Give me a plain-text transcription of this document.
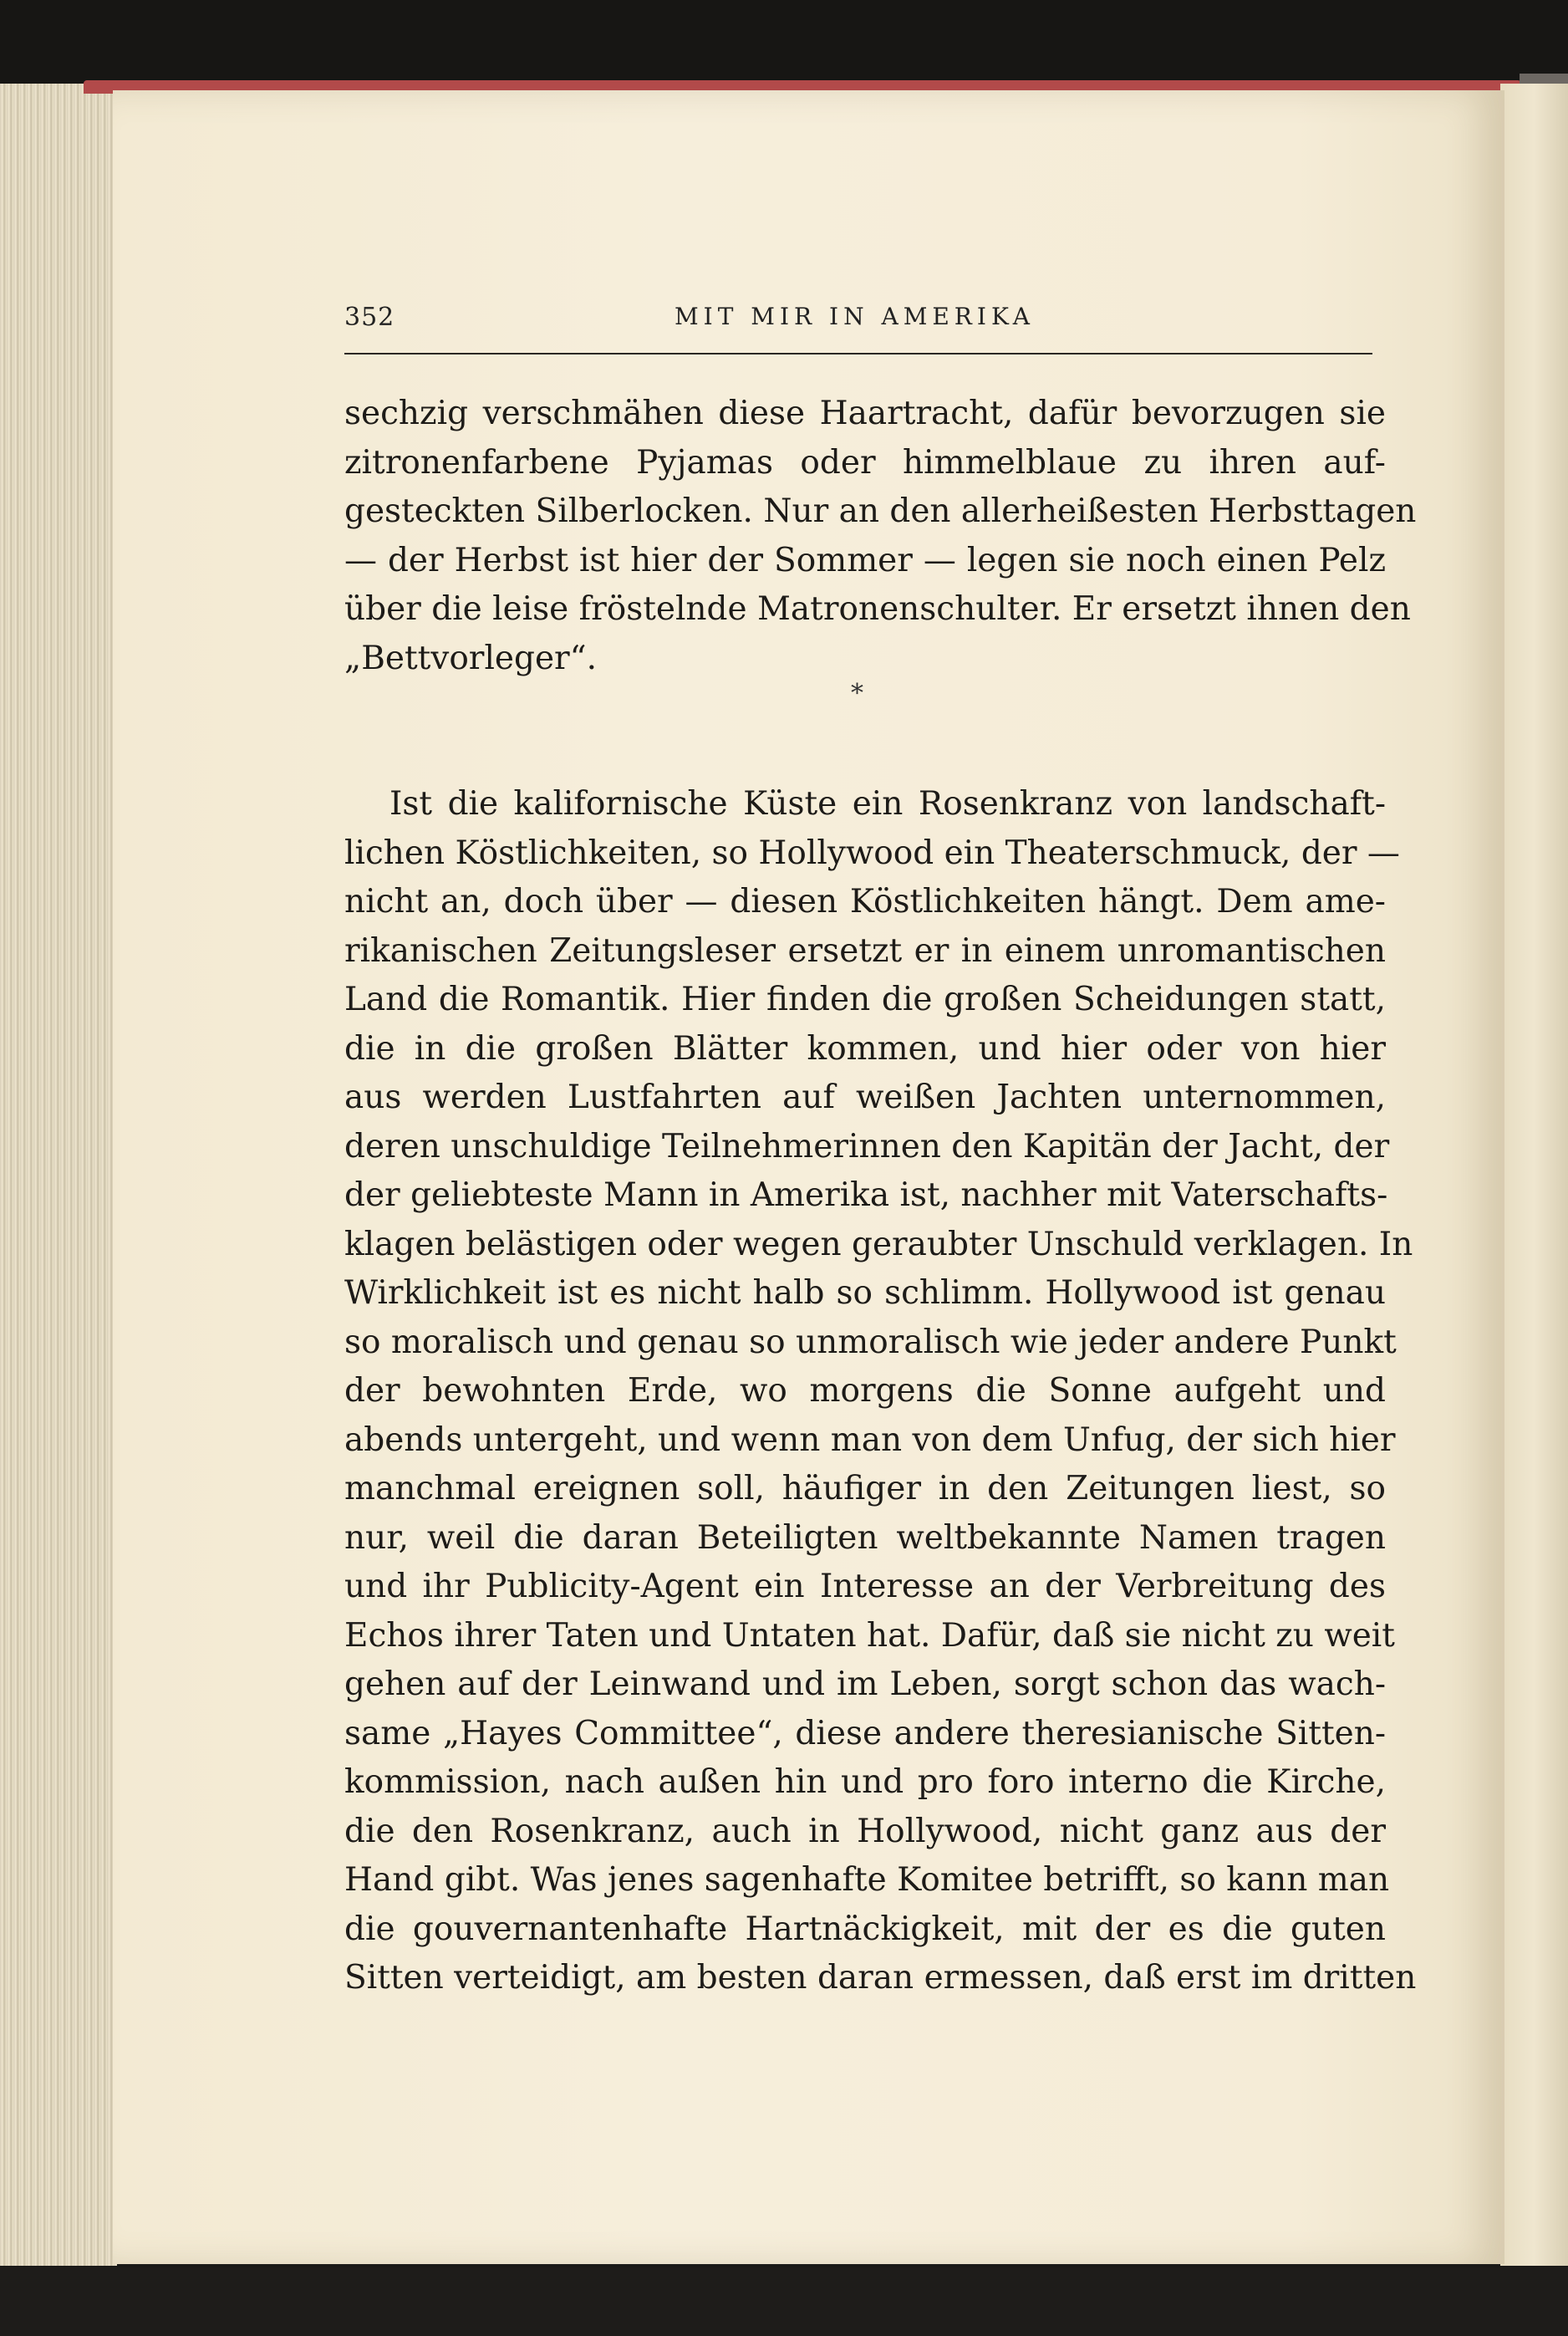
352	MIT MIR IN AMERIKA
*
sechzig verschmähen diese Haartracht, dafür bevorzugen sie
zitronenfarbene Pyjamas oder himmelblaue zu ihren auf-
gesteckten Silberlocken. Nur an den allerheißesten Herbsttagen
— der Herbst ist hier der Sommer — legen sie noch einen Pelz
über die leise fröstelnde Matronenschulter. Er ersetzt ihnen den
„Bettvorleger“.
Ist die kalifornische Küste ein Rosenkranz von landschaft-
lichen Köstlichkeiten, so Hollywood ein Theaterschmuck, der —
nicht an, doch über — diesen Köstlichkeiten hängt. Dem ame-
rikanischen Zeitungsleser ersetzt er in einem unromantischen
Land die Romantik. Hier finden die großen Scheidungen statt,
die in die großen Blätter kommen, und hier oder von hier
aus werden Lustfahrten auf weißen Jachten unternommen,
deren unschuldige Teilnehmerinnen den Kapitän der Jacht, der
der geliebteste Mann in Amerika ist, nachher mit Vaterschafts-
klagen belästigen oder wegen geraubter Unschuld verklagen. In
Wirklichkeit ist es nicht halb so schlimm. Hollywood ist genau
so moralisch und genau so unmoralisch wie jeder andere Punkt
der bewohnten Erde, wo morgens die Sonne aufgeht und
abends untergeht, und wenn man von dem Unfug, der sich hier
manchmal ereignen soll, häufiger in den Zeitungen liest, so
nur, weil die daran Beteiligten weltbekannte Namen tragen
und ihr Publicity-Agent ein Interesse an der Verbreitung des
Echos ihrer Taten und Untaten hat. Dafür, daß sie nicht zu weit
gehen auf der Leinwand und im Leben, sorgt schon das wach-
same „Hayes Committee“, diese andere theresianische Sitten-
kommission, nach außen hin und pro foro interno die Kirche,
die den Rosenkranz, auch in Hollywood, nicht ganz aus der
Hand gibt. Was jenes sagenhafte Komitee betrifft, so kann man
die gouvernantenhafte Hartnäckigkeit, mit der es die guten
Sitten verteidigt, am besten daran ermessen, daß erst im dritten
